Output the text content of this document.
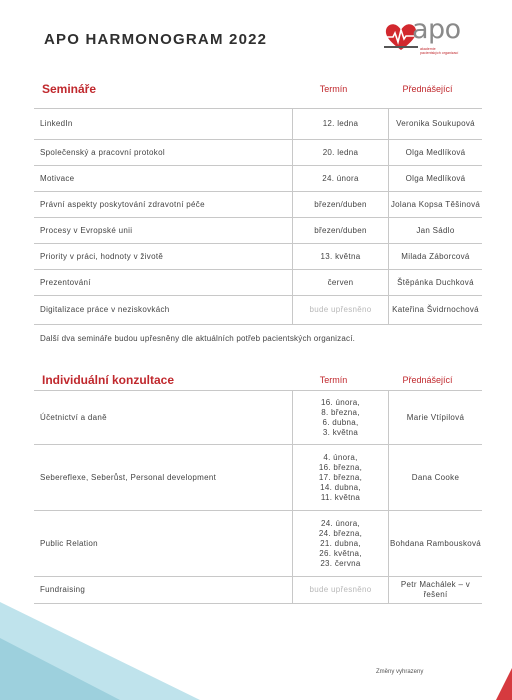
APO HARMONOGRAM 2022	apo
akademie
pacientských organizací
Semináře	Termín	Přednášející
LinkedIn	12. ledna	Veronika Soukupová
Společenský a pracovní protokol	20. ledna	Olga Medlíková
Motivace	24. února	Olga Medlíková
Právní aspekty poskytování zdravotní péče	březen/duben	Jolana Kopsa Těšinová
Procesy v Evropské unii	březen/duben	Jan Sádlo
Priority v práci, hodnoty v životě	13. května	Milada Záborcová
Prezentování	červen	Štěpánka Duchková
Digitalizace práce v neziskovkách	bude upřesněno	Kateřina Švidrnochová
Další dva semináře budou upřesněny dle aktuálních potřeb pacientských organizací.
Individuální konzultace	Termín	Přednášející
Účetnictví a daně	16. února,
8. března,
6. dubna,
3. května	Marie Vtípilová
Sebereflexe, Seberůst, Personal development	4. února,
16. března,
17. března,
14. dubna,
11. května	Dana Cooke
Public Relation	24. února,
24. března,
21. dubna,
26. května,
23. června	Bohdana Rambousková
Fundraising	bude upřesněno	Petr Machálek – v řešení
Změny vyhrazeny
